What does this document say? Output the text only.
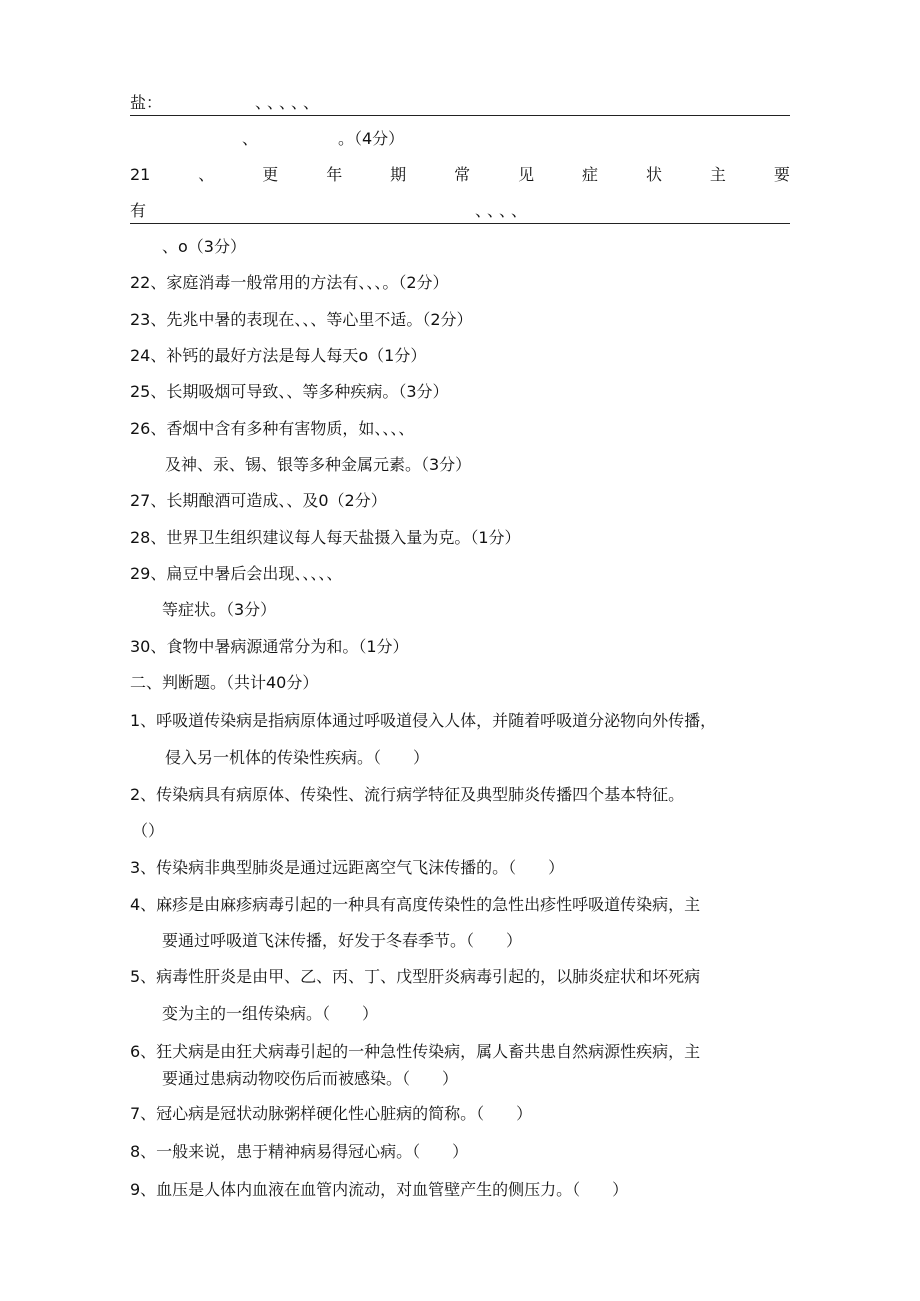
盐：	、、、、、
、	。（4分）
21	、	更	年	期	常	见	症	状	主	要
有	、、、、
、o（3分）
22、家庭消毒一般常用的方法有、、、。（2分）
23、先兆中暑的表现在、、、等心里不适。（2分）
24、补钙的最好方法是每人每天o（1分）
25、长期吸烟可导致、、等多种疾病。（3分）
26、香烟中含有多种有害物质，如、、、、
及神、汞、锡、银等多种金属元素。（3分）
27、长期酿酒可造成、、及0（2分）
28、世界卫生组织建议每人每天盐摄入量为克。（1分）
29、扁豆中暑后会出现、、、、、
等症状。（3分）
30、食物中暑病源通常分为和。（1分）
二、判断题。（共计40分）
1、呼吸道传染病是指病原体通过呼吸道侵入人体，并随着呼吸道分泌物向外传播，
侵入另一机体的传染性疾病。（　　）
2、传染病具有病原体、传染性、流行病学特征及典型肺炎传播四个基本特征。
（）
3、传染病非典型肺炎是通过远距离空气飞沫传播的。（　　）
4、麻疹是由麻疹病毒引起的一种具有高度传染性的急性出疹性呼吸道传染病，主
要通过呼吸道飞沫传播，好发于冬春季节。（　　）
5、病毒性肝炎是由甲、乙、丙、丁、戊型肝炎病毒引起的，以肺炎症状和坏死病
变为主的一组传染病。（　　）
6、狂犬病是由狂犬病毒引起的一种急性传染病，属人畜共患自然病源性疾病，主
要通过患病动物咬伤后而被感染。（　　）
7、冠心病是冠状动脉粥样硬化性心脏病的简称。（　　）
8、一般来说，患于精神病易得冠心病。（　　）
9、血压是人体内血液在血管内流动，对血管壁产生的侧压力。（　　）
